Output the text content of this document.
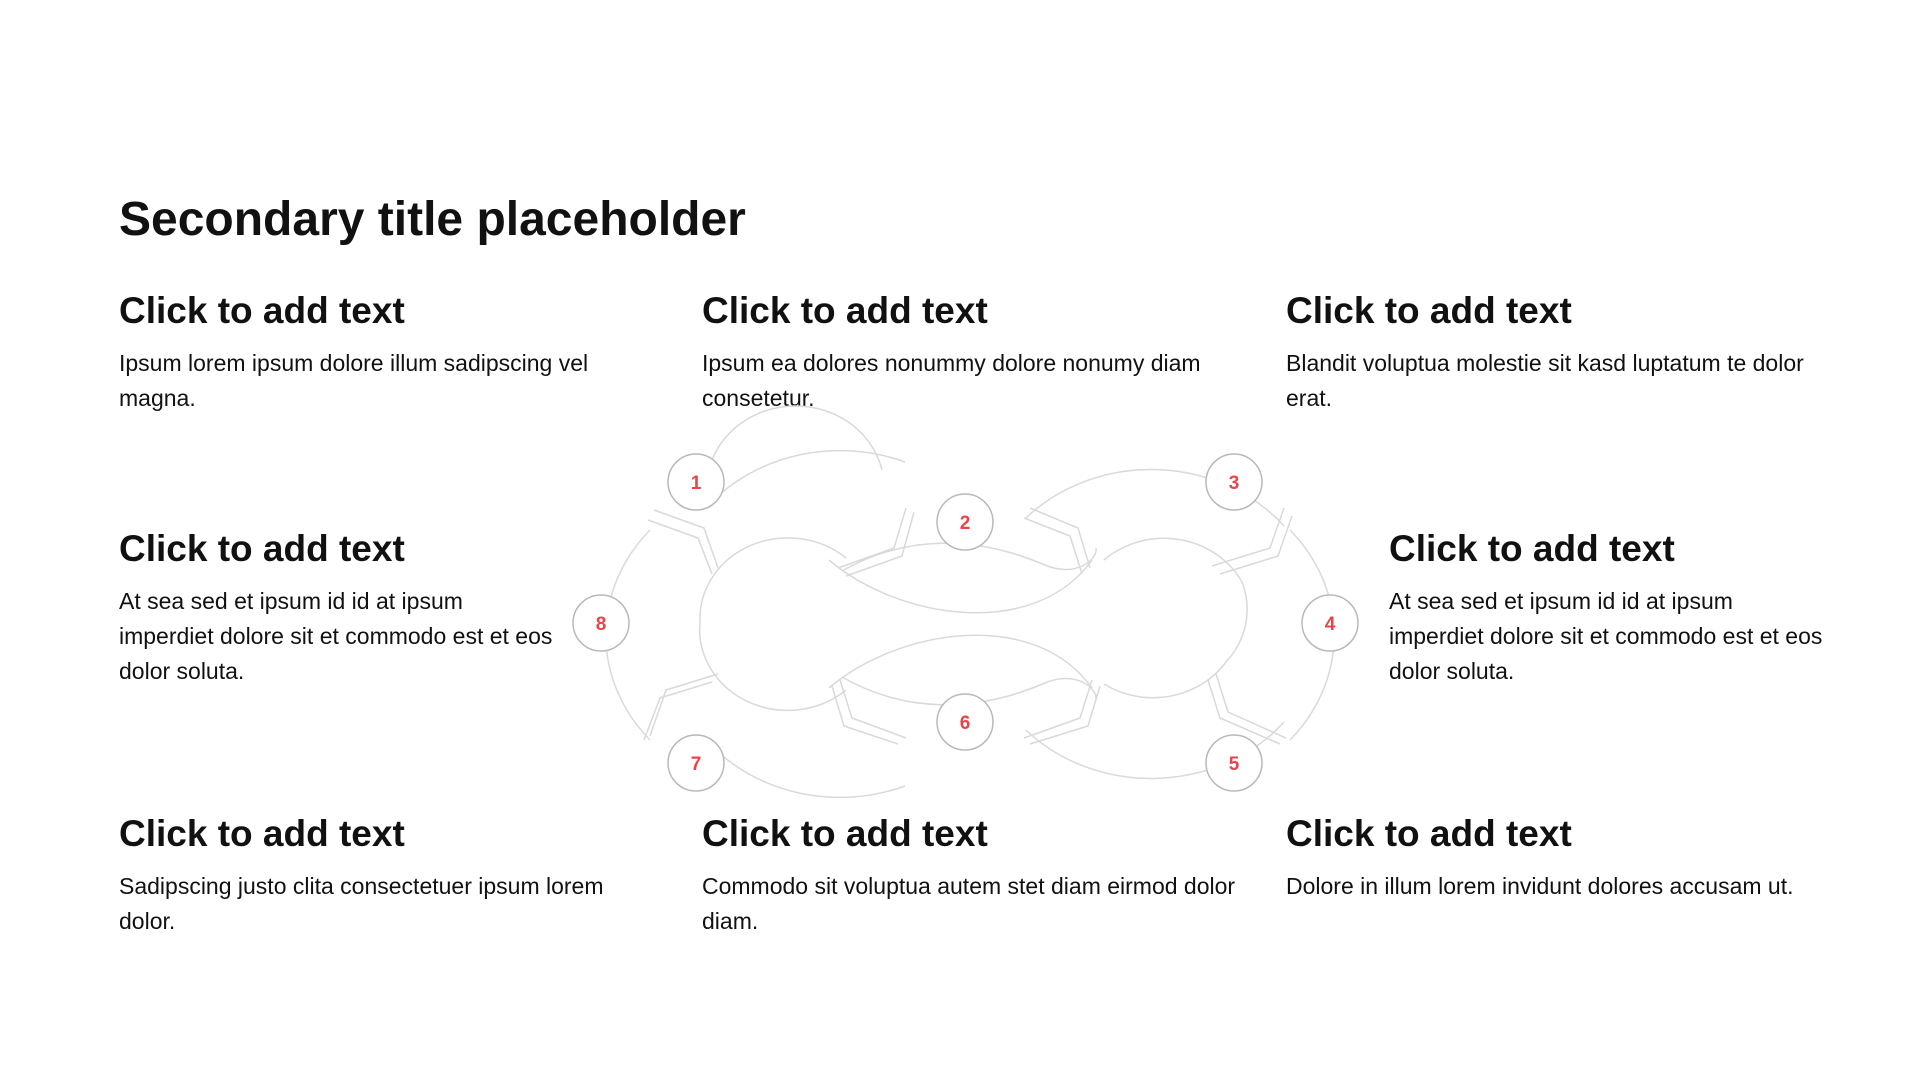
Secondary title placeholder
Click to add text

Ipsum lorem ipsum dolore illum sadipscing vel magna.

Click to add text

Ipsum ea dolores nonummy dolore nonumy diam consetetur.

Click to add text

Blandit voluptua molestie sit kasd luptatum te dolor erat.

Click to add text

At sea sed et ipsum id id at ipsum imperdiet dolore sit et commodo est et eos dolor soluta.

Click to add text

At sea sed et ipsum id id at ipsum imperdiet dolore sit et commodo est et eos dolor soluta.

Click to add text

Sadipscing justo clita consectetuer ipsum lorem dolor.

Click to add text

Commodo sit voluptua autem stet diam eirmod dolor diam.

Click to add text

Dolore in illum lorem invidunt dolores accusam ut.

1
2
3
4
5
6
7
8
